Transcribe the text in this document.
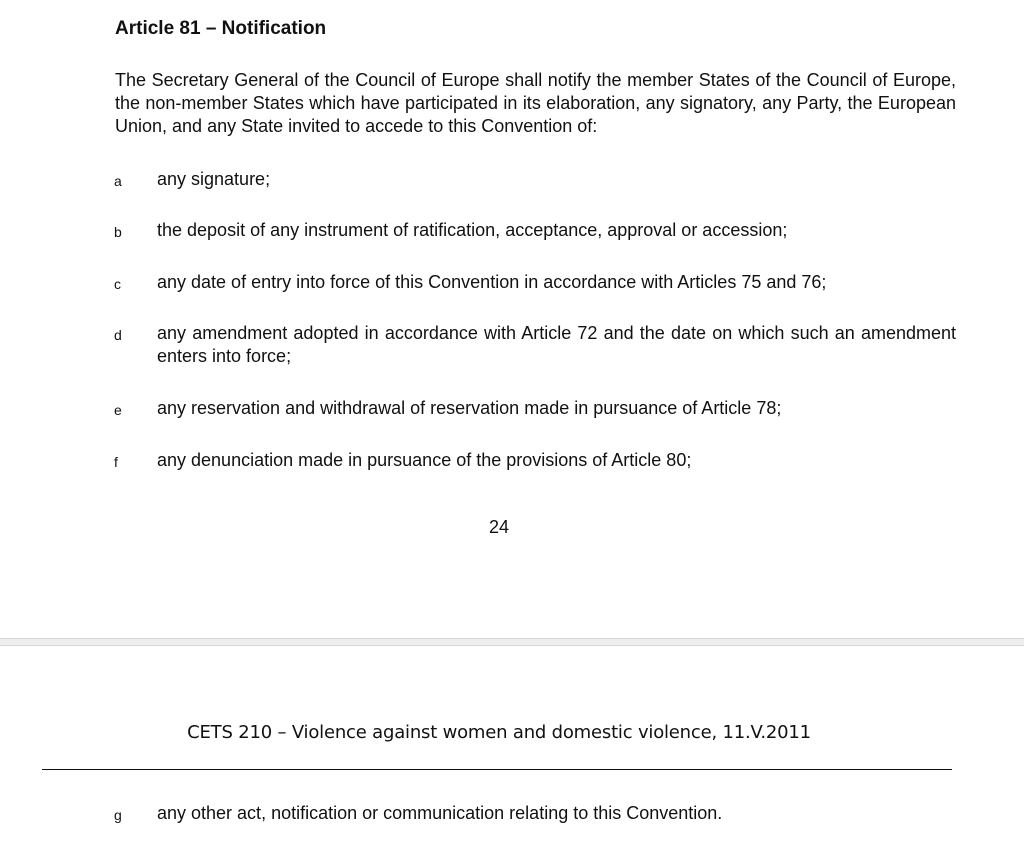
Article 81 – Notification

The Secretary General of the Council of Europe shall notify the member States of the Council of Europe, the non-member States which have participated in its elaboration, any signatory, any Party, the European Union, and any State invited to accede to this Convention of:

a any signature;
b the deposit of any instrument of ratification, acceptance, approval or accession;
c any date of entry into force of this Convention in accordance with Articles 75 and 76;
d any amendment adopted in accordance with Article 72 and the date on which such an amendment enters into force;
e any reservation and withdrawal of reservation made in pursuance of Article 78;
f any denunciation made in pursuance of the provisions of Article 80;
24
CETS 210 – Violence against women and domestic violence, 11.V.2011
g any other act, notification or communication relating to this Convention.
